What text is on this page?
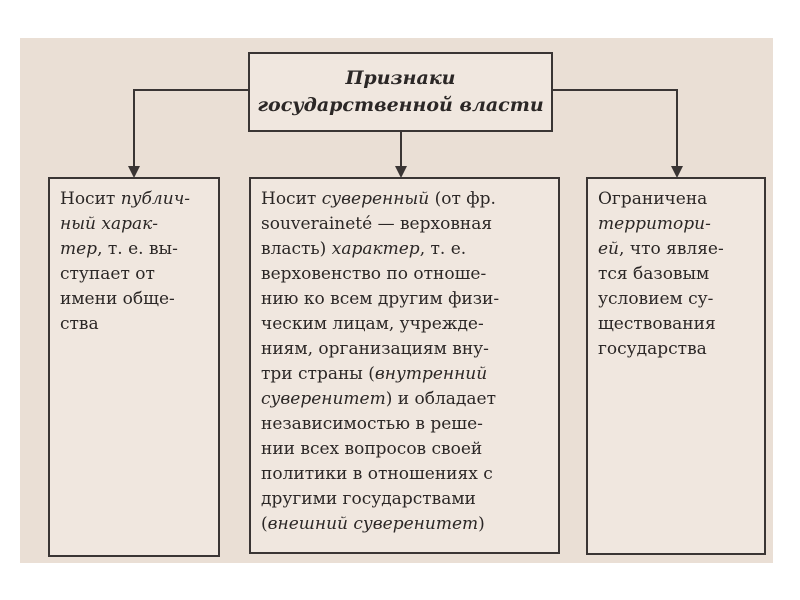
Признаки
государственной власти
Носит публич-
ный харак-
тер, т. е. вы-
ступает от
имени обще-
ства
Носит суверенный (от фр.
souveraineté — верховная
власть) характер, т. е.
верховенство по отноше-
нию ко всем другим физи-
ческим лицам, учрежде-
ниям, организациям вну-
три страны (внутренний
суверенитет) и обладает
независимостью в реше-
нии всех вопросов своей
политики в отношениях с
другими государствами
(внешний суверенитет)
Ограничена
территори-
ей, что являе-
тся базовым
условием су-
ществования
государства
